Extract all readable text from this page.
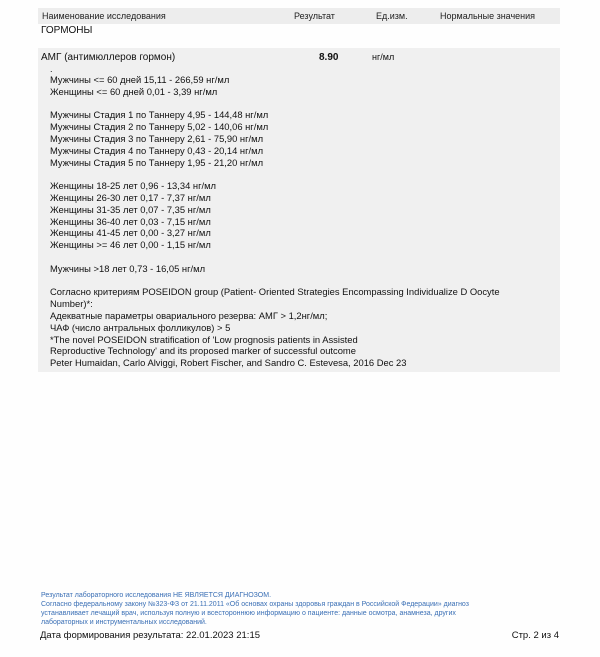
Наименование исследования	Результат	Ед.изм.	Нормальные значения
ГОРМОНЫ
АМГ (антимюллеров гормон)	8.90	нг/мл
.
Мужчины <= 60 дней 15,11 - 266,59 нг/мл
Женщины <= 60 дней 0,01 - 3,39 нг/мл
Мужчины Стадия 1 по Таннеру 4,95 - 144,48 нг/мл
Мужчины Стадия 2 по Таннеру 5,02 - 140,06 нг/мл
Мужчины Стадия 3 по Таннеру 2,61 - 75,90 нг/мл
Мужчины Стадия 4 по Таннеру 0,43 - 20,14 нг/мл
Мужчины Стадия 5 по Таннеру 1,95 - 21,20 нг/мл
Женщины 18-25 лет 0,96 - 13,34 нг/мл
Женщины 26-30 лет 0,17 - 7,37 нг/мл
Женщины 31-35 лет 0,07 - 7,35 нг/мл
Женщины 36-40 лет 0,03 - 7,15 нг/мл
Женщины 41-45 лет 0,00 - 3,27 нг/мл
Женщины >= 46 лет 0,00 - 1,15 нг/мл
Мужчины >18 лет 0,73 - 16,05 нг/мл
Согласно критериям POSEIDON group (Patient- Oriented Strategies Encompassing Individualize D Oocyte
Number)*:
Адекватные параметры овариального резерва: АМГ > 1,2нг/мл;
ЧАФ (число антральных фолликулов) > 5
*The novel POSEIDON stratification of 'Low prognosis patients in Assisted
Reproductive Technology' and its proposed marker of successful outcome
Peter Humaidan, Carlo Alviggi, Robert Fischer, and Sandro C. Estevesa, 2016 Dec 23
Результат лабораторного исследования НЕ ЯВЛЯЕТСЯ ДИАГНОЗОМ.
Согласно федеральному закону №323-ФЗ от 21.11.2011 «Об основах охраны здоровья граждан в Российской Федерации» диагноз
устанавливает лечащий врач, используя полную и всестороннюю информацию о пациенте: данные осмотра, анамнеза, других
лабораторных и инструментальных исследований.
Дата формирования результата: 22.01.2023 21:15	Стр. 2 из 4
